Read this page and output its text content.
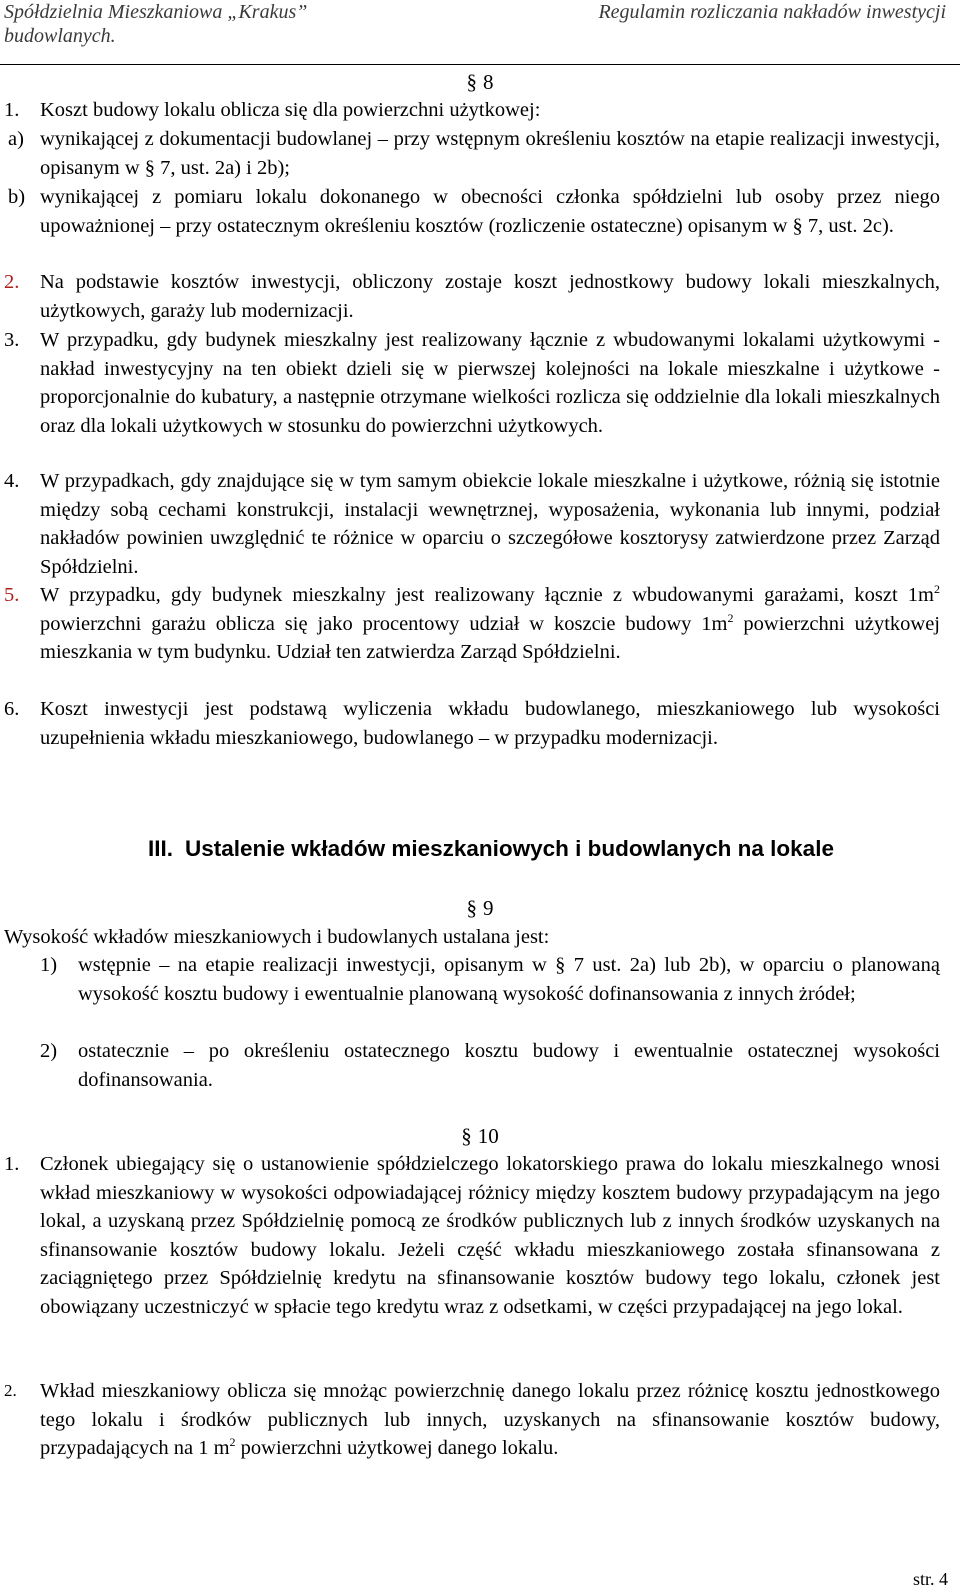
Spółdzielnia Mieszkaniowa „Krakus”
budowlanych.
Regulamin rozliczania nakładów inwestycji
§ 8
1. Koszt budowy lokalu oblicza się dla powierzchni użytkowej:
a) wynikającej z dokumentacji budowlanej – przy wstępnym określeniu kosztów na etapie realizacji inwestycji, opisanym w § 7, ust. 2a) i 2b);
b) wynikającej z pomiaru lokalu dokonanego w obecności członka spółdzielni lub osoby przez niego upoważnionej – przy ostatecznym określeniu kosztów (rozliczenie ostateczne) opisanym w § 7, ust. 2c).
2. Na podstawie kosztów inwestycji, obliczony zostaje koszt jednostkowy budowy lokali mieszkalnych, użytkowych, garaży lub modernizacji.
3. W przypadku, gdy budynek mieszkalny jest realizowany łącznie z wbudowanymi lokalami użytkowymi - nakład inwestycyjny na ten obiekt dzieli się w pierwszej kolejności na lokale mieszkalne i użytkowe - proporcjonalnie do kubatury, a następnie otrzymane wielkości rozlicza się oddzielnie dla lokali mieszkalnych oraz dla lokali użytkowych w stosunku do powierzchni użytkowych.
4. W przypadkach, gdy znajdujące się w tym samym obiekcie lokale mieszkalne i użytkowe, różnią się istotnie między sobą cechami konstrukcji, instalacji wewnętrznej, wyposażenia, wykonania lub innymi, podział nakładów powinien uwzględnić te różnice w oparciu o szczegółowe kosztorysy zatwierdzone przez Zarząd Spółdzielni.
5. W przypadku, gdy budynek mieszkalny jest realizowany łącznie z wbudowanymi garażami, koszt $1m^2$ powierzchni garażu oblicza się jako procentowy udział w koszcie budowy $1m^2$ powierzchni użytkowej mieszkania w tym budynku. Udział ten zatwierdza Zarząd Spółdzielni.
6. Koszt inwestycji jest podstawą wyliczenia wkładu budowlanego, mieszkaniowego lub wysokości uzupełnienia wkładu mieszkaniowego, budowlanego – w przypadku modernizacji.
III. Ustalenie wkładów mieszkaniowych i budowlanych na lokale
§ 9
Wysokość wkładów mieszkaniowych i budowlanych ustalana jest:
1) wstępnie – na etapie realizacji inwestycji, opisanym w § 7 ust. 2a) lub 2b), w oparciu o planowaną wysokość kosztu budowy i ewentualnie planowaną wysokość dofinansowania z innych żródeł;
2) ostatecznie – po określeniu ostatecznego kosztu budowy i ewentualnie ostatecznej wysokości dofinansowania.
§ 10
1. Członek ubiegający się o ustanowienie spółdzielczego lokatorskiego prawa do lokalu mieszkalnego wnosi wkład mieszkaniowy w wysokości odpowiadającej różnicy między kosztem budowy przypadającym na jego lokal, a uzyskaną przez Spółdzielnię pomocą ze środków publicznych lub z innych środków uzyskanych na sfinansowanie kosztów budowy lokalu. Jeżeli część wkładu mieszkaniowego została sfinansowana z zaciągniętego przez Spółdzielnię kredytu na sfinansowanie kosztów budowy tego lokalu, członek jest obowiązany uczestniczyć w spłacie tego kredytu wraz z odsetkami, w części przypadającej na jego lokal.
2. Wkład mieszkaniowy oblicza się mnożąc powierzchnię danego lokalu przez różnicę kosztu jednostkowego tego lokalu i środków publicznych lub innych, uzyskanych na sfinansowanie kosztów budowy, przypadających na 1 $m^2$ powierzchni użytkowej danego lokalu.
str. 4
